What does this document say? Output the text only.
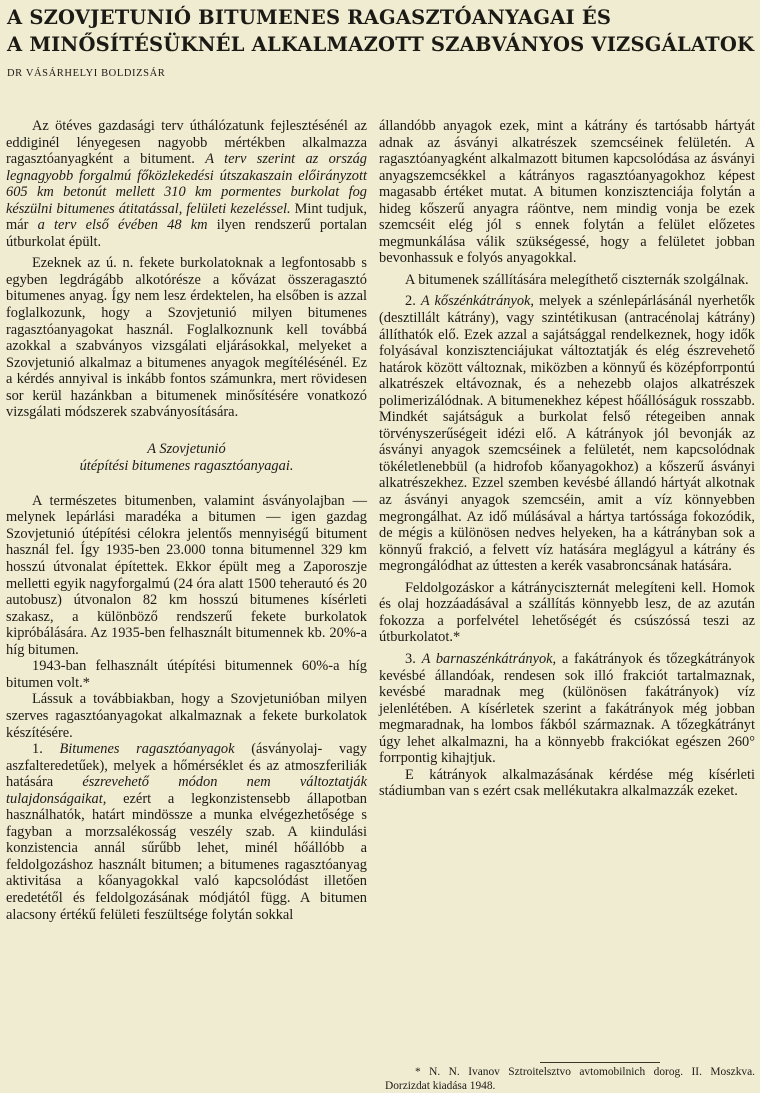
A SZOVJETUNIÓ BITUMENES RAGASZTÓANYAGAI ÉS
A MINŐSÍTÉSÜKNÉL ALKALMAZOTT SZABVÁNYOS VIZSGÁLATOK
DR VÁSÁRHELYI BOLDIZSÁR

Az ötéves gazdasági terv úthálózatunk fejlesztésénél az eddiginél lényegesen nagyobb mértékben alkalmazza ragasztóanyagként a bitument. A terv szerint az ország legnagyobb forgalmú főközlekedési útszakaszain előirányzott 605 km betonút mellett 310 km pormentes burkolat fog készülni bitumenes átitatással, felületi kezeléssel. Mint tudjuk, már a terv első évében 48 km ilyen rendszerű portalan útburkolat épült.

Ezeknek az ú. n. fekete burkolatoknak a legfontosabb s egyben legdrágább alkotórésze a kővázat összeragasztó bitumenes anyag. Így nem lesz érdektelen, ha elsőben is azzal foglalkozunk, hogy a Szovjetunió milyen bitumenes ragasztóanyagokat használ. Foglalkoznunk kell továbbá azokkal a szabványos vizsgálati eljárásokkal, melyeket a Szovjetunió alkalmaz a bitumenes anyagok megítélésénél. Ez a kérdés annyival is inkább fontos számunkra, mert rövidesen sor kerül hazánkban a bitumenek minősítésére vonatkozó vizsgálati módszerek szabványosítására.

A Szovjetunió
útépítési bitumenes ragasztóanyagai.

A természetes bitumenben, valamint ásványolajban — melynek lepárlási maradéka a bitumen — igen gazdag Szovjetunió útépítési célokra jelentős mennyiségű bitument használ fel. Így 1935-ben 23.000 tonna bitumennel 329 km hosszú útvonalat építettek. Ekkor épült meg a Zaporoszje melletti egyik nagyforgalmú (24 óra alatt 1500 teherautó és 20 autobusz) útvonalon 82 km hosszú bitumenes kísérleti szakasz, a különböző rendszerű fekete burkolatok kipróbálására. Az 1935-ben felhasznált bitumennek kb. 20%-a híg bitumen.

1943-ban felhasznált útépítési bitumennek 60%-a híg bitumen volt.*

Lássuk a továbbiakban, hogy a Szovjetunióban milyen szerves ragasztóanyagokat alkalmaznak a fekete burkolatok készítésére.

1. Bitumenes ragasztóanyagok (ásványolaj- vagy aszfalteredetűek), melyek a hőmérséklet és az atmoszferiliák hatására észrevehető módon nem változtatják tulajdonságaikat, ezért a legkonzistensebb állapotban használhatók, határt mindössze a munka elvégezhetősége s fagyban a morzsalékosság veszély szab. A kiindulási konzistencia annál sűrűbb lehet, minél hőállóbb a feldolgozáshoz használt bitumen; a bitumenes ragasztóanyag aktivitása a kőanyagokkal való kapcsolódást illetően eredetétől és feldolgozásának módjától függ. A bitumen alacsony értékű felületi feszültsége folytán sokkal

állandóbb anyagok ezek, mint a kátrány és tartósabb hártyát adnak az ásványi alkatrészek szemcséinek felületén. A ragasztóanyagként alkalmazott bitumen kapcsolódása az ásványi anyagszemcsékkel a kátrányos ragasztóanyagokhoz képest magasabb értéket mutat. A bitumen konzisztenciája folytán a hideg kőszerű anyagra ráöntve, nem mindig vonja be ezek szemcséit elég jól s ennek folytán a felület előzetes megmunkálása válik szükségessé, hogy a felületet jobban bevonhassuk e folyós anyagokkal.

A bitumenek szállítására melegíthető ciszternák szolgálnak.

2. A kőszénkátrányok, melyek a szénlepárlásánál nyerhetők (desztillált kátrány), vagy szintétikusan (antracénolaj kátrány) állíthatók elő. Ezek azzal a sajátsággal rendelkeznek, hogy idők folyásával konzisztenciájukat változtatják és elég észrevehető határok között változnak, miközben a könnyű és középforrpontú alkatrészek eltávoznak, és a nehezebb olajos alkatrészek polimerizálódnak. A bitumenekhez képest hőállóságuk rosszabb. Mindkét sajátságuk a burkolat felső rétegeiben annak törvényszerűségeit idézi elő. A kátrányok jól bevonják az ásványi anyagok szemcséinek a felületét, nem kapcsolódnak tökéletlenebbül (a hidrofob kőanyagokhoz) a kőszerű ásványi alkatrészekhez. Ezzel szemben kevésbé állandó hártyát alkotnak az ásványi anyagok szemcséin, amit a víz könnyebben megrongálhat. Az idő múlásával a hártya tartóssága fokozódik, de mégis a különösen nedves helyeken, ha a kátrányban sok a könnyű frakció, a felvett víz hatására meglágyul a kátrány és megrongálódhat az úttesten a kerék vasabroncsának hatására.

Feldolgozáskor a kátrányciszternát melegíteni kell. Homok és olaj hozzáadásával a szállítás könnyebb lesz, de az azután fokozza a porfelvétel lehetőségét és csúszóssá teszi az útburkolatot.*

3. A barnaszénkátrányok, a fakátrányok és tőzegkátrányok kevésbé állandóak, rendesen sok illó frakciót tartalmaznak, kevésbé maradnak meg (különösen fakátrányok) víz jelenlétében. A kísérletek szerint a fakátrányok még jobban megmaradnak, ha lombos fákból származnak. A tőzegkátrányt úgy lehet alkalmazni, ha a könnyebb frakciókat egészen 260° forrpontig kihajtjuk.

E kátrányok alkalmazásának kérdése még kísérleti stádiumban van s ezért csak mellékutakra alkalmazzák ezeket.

* N. N. Ivanov Sztroitelsztvo avtomobilnich dorog. II. Moszkva. Dorzizdat kiadása 1948.
